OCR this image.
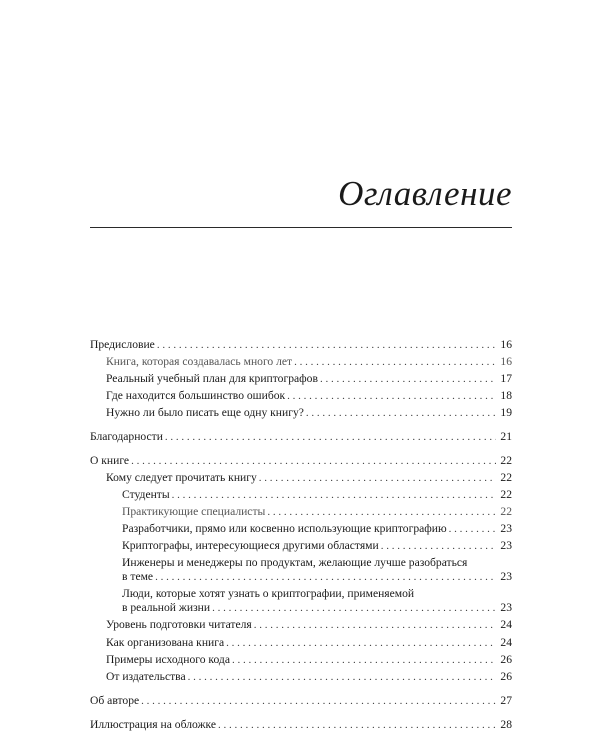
Оглавление
Предисловие . . .	16
Книга, которая создавалась много лет . . .	16
Реальный учебный план для криптографов . . .	17
Где находится большинство ошибок . . .	18
Нужно ли было писать еще одну книгу? . . .	19
Благодарности . . .	21
О книге . . .	22
Кому следует прочитать книгу . . .	22
Студенты . . .	22
Практикующие специалисты . . .	22
Разработчики, прямо или косвенно использующие криптографию . . .	23
Криптографы, интересующиеся другими областями . . .	23
Инженеры и менеджеры по продуктам, желающие лучше разобраться
в теме . . .	23
Люди, которые хотят узнать о криптографии, применяемой
в реальной жизни . . .	23
Уровень подготовки читателя . . .	24
Как организована книга . . .	24
Примеры исходного кода . . .	26
От издательства . . .	26
Об авторе . . .	27
Иллюстрация на обложке . . .	28
